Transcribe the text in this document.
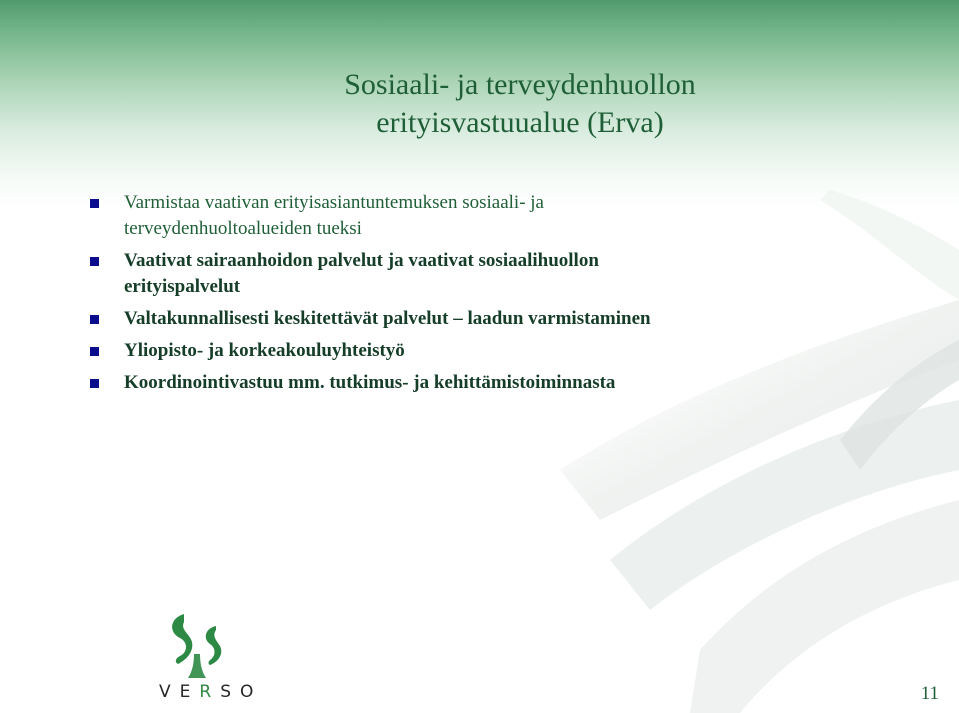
Sosiaali- ja terveydenhuollon
erityisvastuualue (Erva)
Varmistaa vaativan erityisasiantuntemuksen sosiaali- ja
terveydenhuoltoalueiden tueksi
Vaativat sairaanhoidon palvelut ja vaativat sosiaalihuollon
erityispalvelut
Valtakunnallisesti keskitettävät palvelut – laadun varmistaminen
Yliopisto- ja korkeakouluyhteistyö
Koordinointivastuu mm. tutkimus- ja kehittämistoiminnasta
VERSO	11
